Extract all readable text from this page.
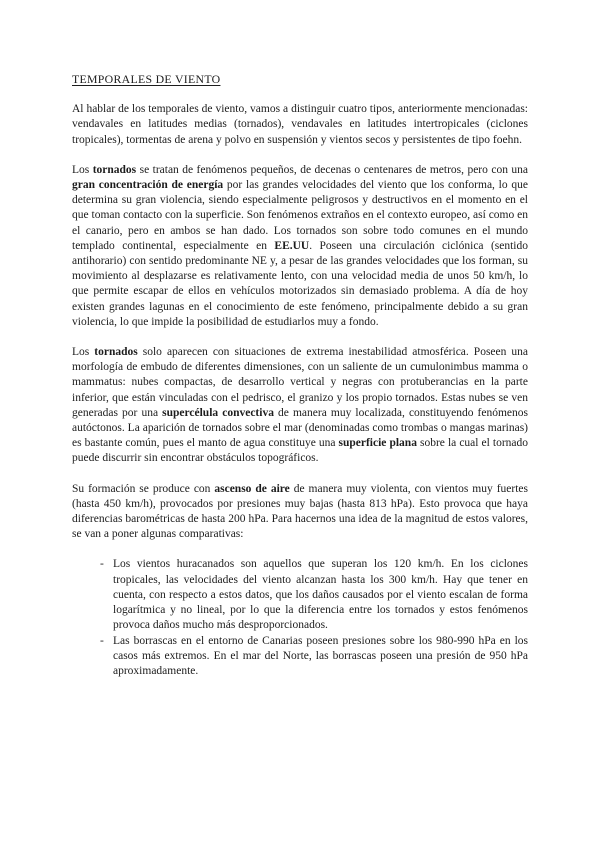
TEMPORALES DE VIENTO

Al hablar de los temporales de viento, vamos a distinguir cuatro tipos, anteriormente mencionadas: vendavales en latitudes medias (tornados), vendavales en latitudes intertropicales (ciclones tropicales), tormentas de arena y polvo en suspensión y vientos secos y persistentes de tipo foehn.

Los tornados se tratan de fenómenos pequeños, de decenas o centenares de metros, pero con una gran concentración de energía por las grandes velocidades del viento que los conforma, lo que determina su gran violencia, siendo especialmente peligrosos y destructivos en el momento en el que toman contacto con la superficie. Son fenómenos extraños en el contexto europeo, así como en el canario, pero en ambos se han dado. Los tornados son sobre todo comunes en el mundo templado continental, especialmente en EE.UU. Poseen una circulación ciclónica (sentido antihorario) con sentido predominante NE y, a pesar de las grandes velocidades que los forman, su movimiento al desplazarse es relativamente lento, con una velocidad media de unos 50 km/h, lo que permite escapar de ellos en vehículos motorizados sin demasiado problema. A día de hoy existen grandes lagunas en el conocimiento de este fenómeno, principalmente debido a su gran violencia, lo que impide la posibilidad de estudiarlos muy a fondo.

Los tornados solo aparecen con situaciones de extrema inestabilidad atmosférica. Poseen una morfología de embudo de diferentes dimensiones, con un saliente de un cumulonimbus mamma o mammatus: nubes compactas, de desarrollo vertical y negras con protuberancias en la parte inferior, que están vinculadas con el pedrisco, el granizo y los propio tornados. Estas nubes se ven generadas por una supercélula convectiva de manera muy localizada, constituyendo fenómenos autóctonos. La aparición de tornados sobre el mar (denominadas como trombas o mangas marinas) es bastante común, pues el manto de agua constituye una superficie plana sobre la cual el tornado puede discurrir sin encontrar obstáculos topográficos.

Su formación se produce con ascenso de aire de manera muy violenta, con vientos muy fuertes (hasta 450 km/h), provocados por presiones muy bajas (hasta 813 hPa). Esto provoca que haya diferencias barométricas de hasta 200 hPa. Para hacernos una idea de la magnitud de estos valores, se van a poner algunas comparativas:

- Los vientos huracanados son aquellos que superan los 120 km/h. En los ciclones tropicales, las velocidades del viento alcanzan hasta los 300 km/h. Hay que tener en cuenta, con respecto a estos datos, que los daños causados por el viento escalan de forma logarítmica y no lineal, por lo que la diferencia entre los tornados y estos fenómenos provoca daños mucho más desproporcionados.
- Las borrascas en el entorno de Canarias poseen presiones sobre los 980-990 hPa en los casos más extremos. En el mar del Norte, las borrascas poseen una presión de 950 hPa aproximadamente.
